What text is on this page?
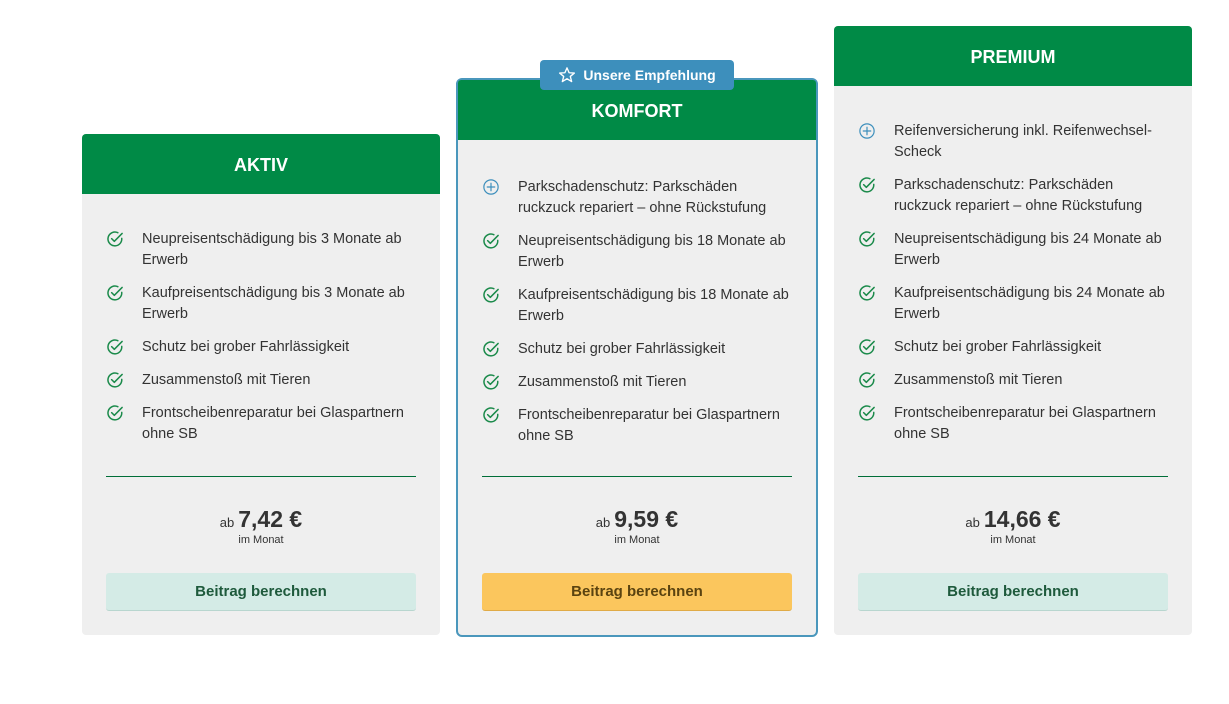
AKTIV
Neupreisentschädigung bis 3 Monate ab Erwerb
Kaufpreisentschädigung bis 3 Monate ab Erwerb
Schutz bei grober Fahrlässigkeit
Zusammenstoß mit Tieren
Frontscheibenreparatur bei Glaspartnern ohne SB
ab 7,42 €
im Monat
Beitrag berechnen
Unsere Empfehlung
KOMFORT
Parkschadenschutz: Parkschäden ruckzuck repariert – ohne Rückstufung
Neupreisentschädigung bis 18 Monate ab Erwerb
Kaufpreisentschädigung bis 18 Monate ab Erwerb
Schutz bei grober Fahrlässigkeit
Zusammenstoß mit Tieren
Frontscheibenreparatur bei Glaspartnern ohne SB
ab 9,59 €
im Monat
Beitrag berechnen
PREMIUM
Reifenversicherung inkl. Reifenwechsel-Scheck
Parkschadenschutz: Parkschäden ruckzuck repariert – ohne Rückstufung
Neupreisentschädigung bis 24 Monate ab Erwerb
Kaufpreisentschädigung bis 24 Monate ab Erwerb
Schutz bei grober Fahrlässigkeit
Zusammenstoß mit Tieren
Frontscheibenreparatur bei Glaspartnern ohne SB
ab 14,66 €
im Monat
Beitrag berechnen
